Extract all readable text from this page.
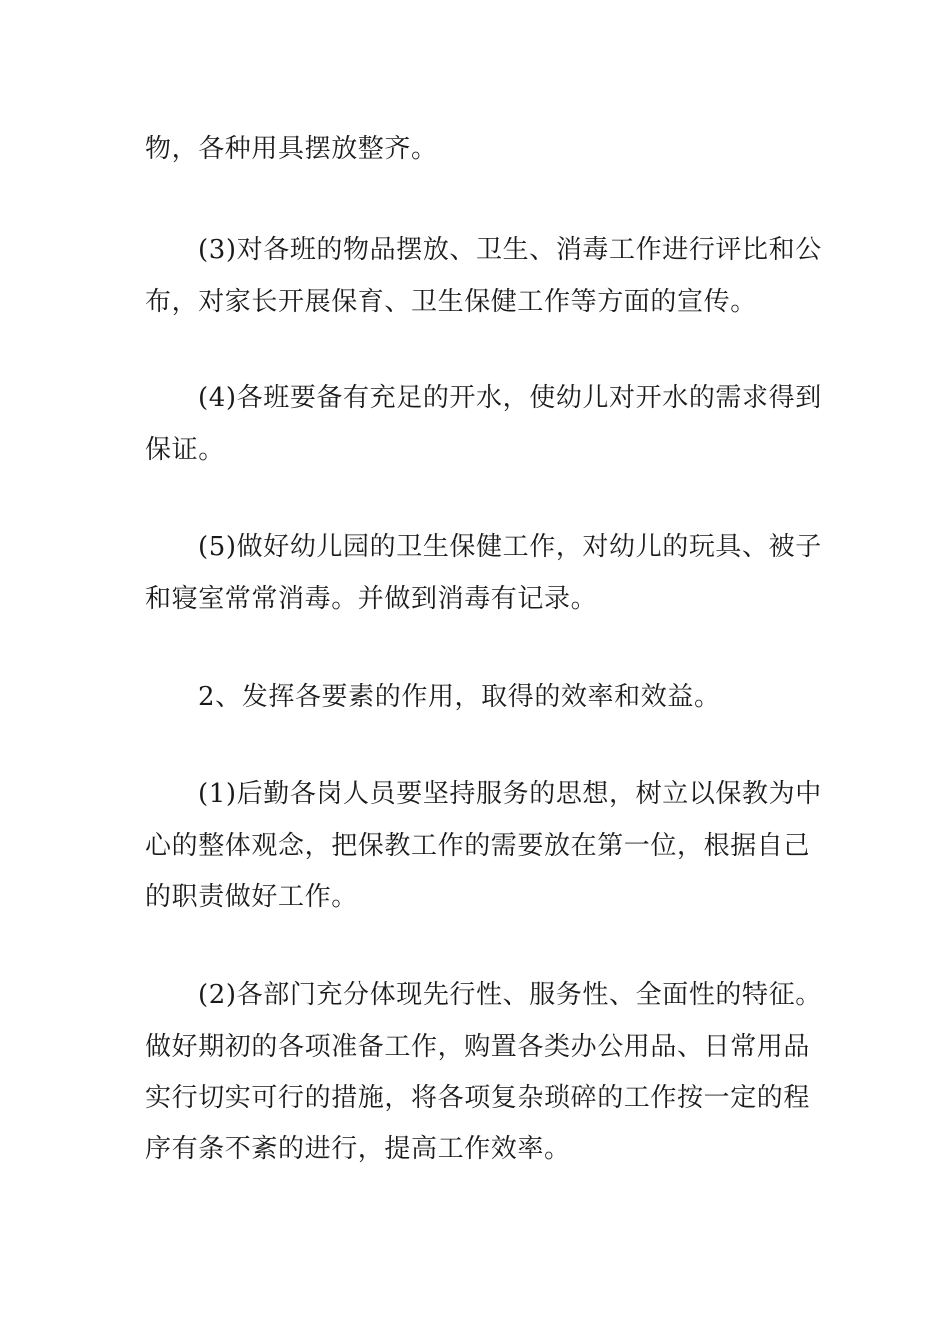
物，各种用具摆放整齐。

(3)对各班的物品摆放、卫生、消毒工作进行评比和公

布，对家长开展保育、卫生保健工作等方面的宣传。

(4)各班要备有充足的开水，使幼儿对开水的需求得到

保证。

(5)做好幼儿园的卫生保健工作，对幼儿的玩具、被子

和寝室常常消毒。并做到消毒有记录。

2、发挥各要素的作用，取得的效率和效益。

(1)后勤各岗人员要坚持服务的思想，树立以保教为中

心的整体观念，把保教工作的需要放在第一位，根据自己

的职责做好工作。

(2)各部门充分体现先行性、服务性、全面性的特征。

做好期初的各项准备工作，购置各类办公用品、日常用品

实行切实可行的措施，将各项复杂琐碎的工作按一定的程

序有条不紊的进行，提高工作效率。
